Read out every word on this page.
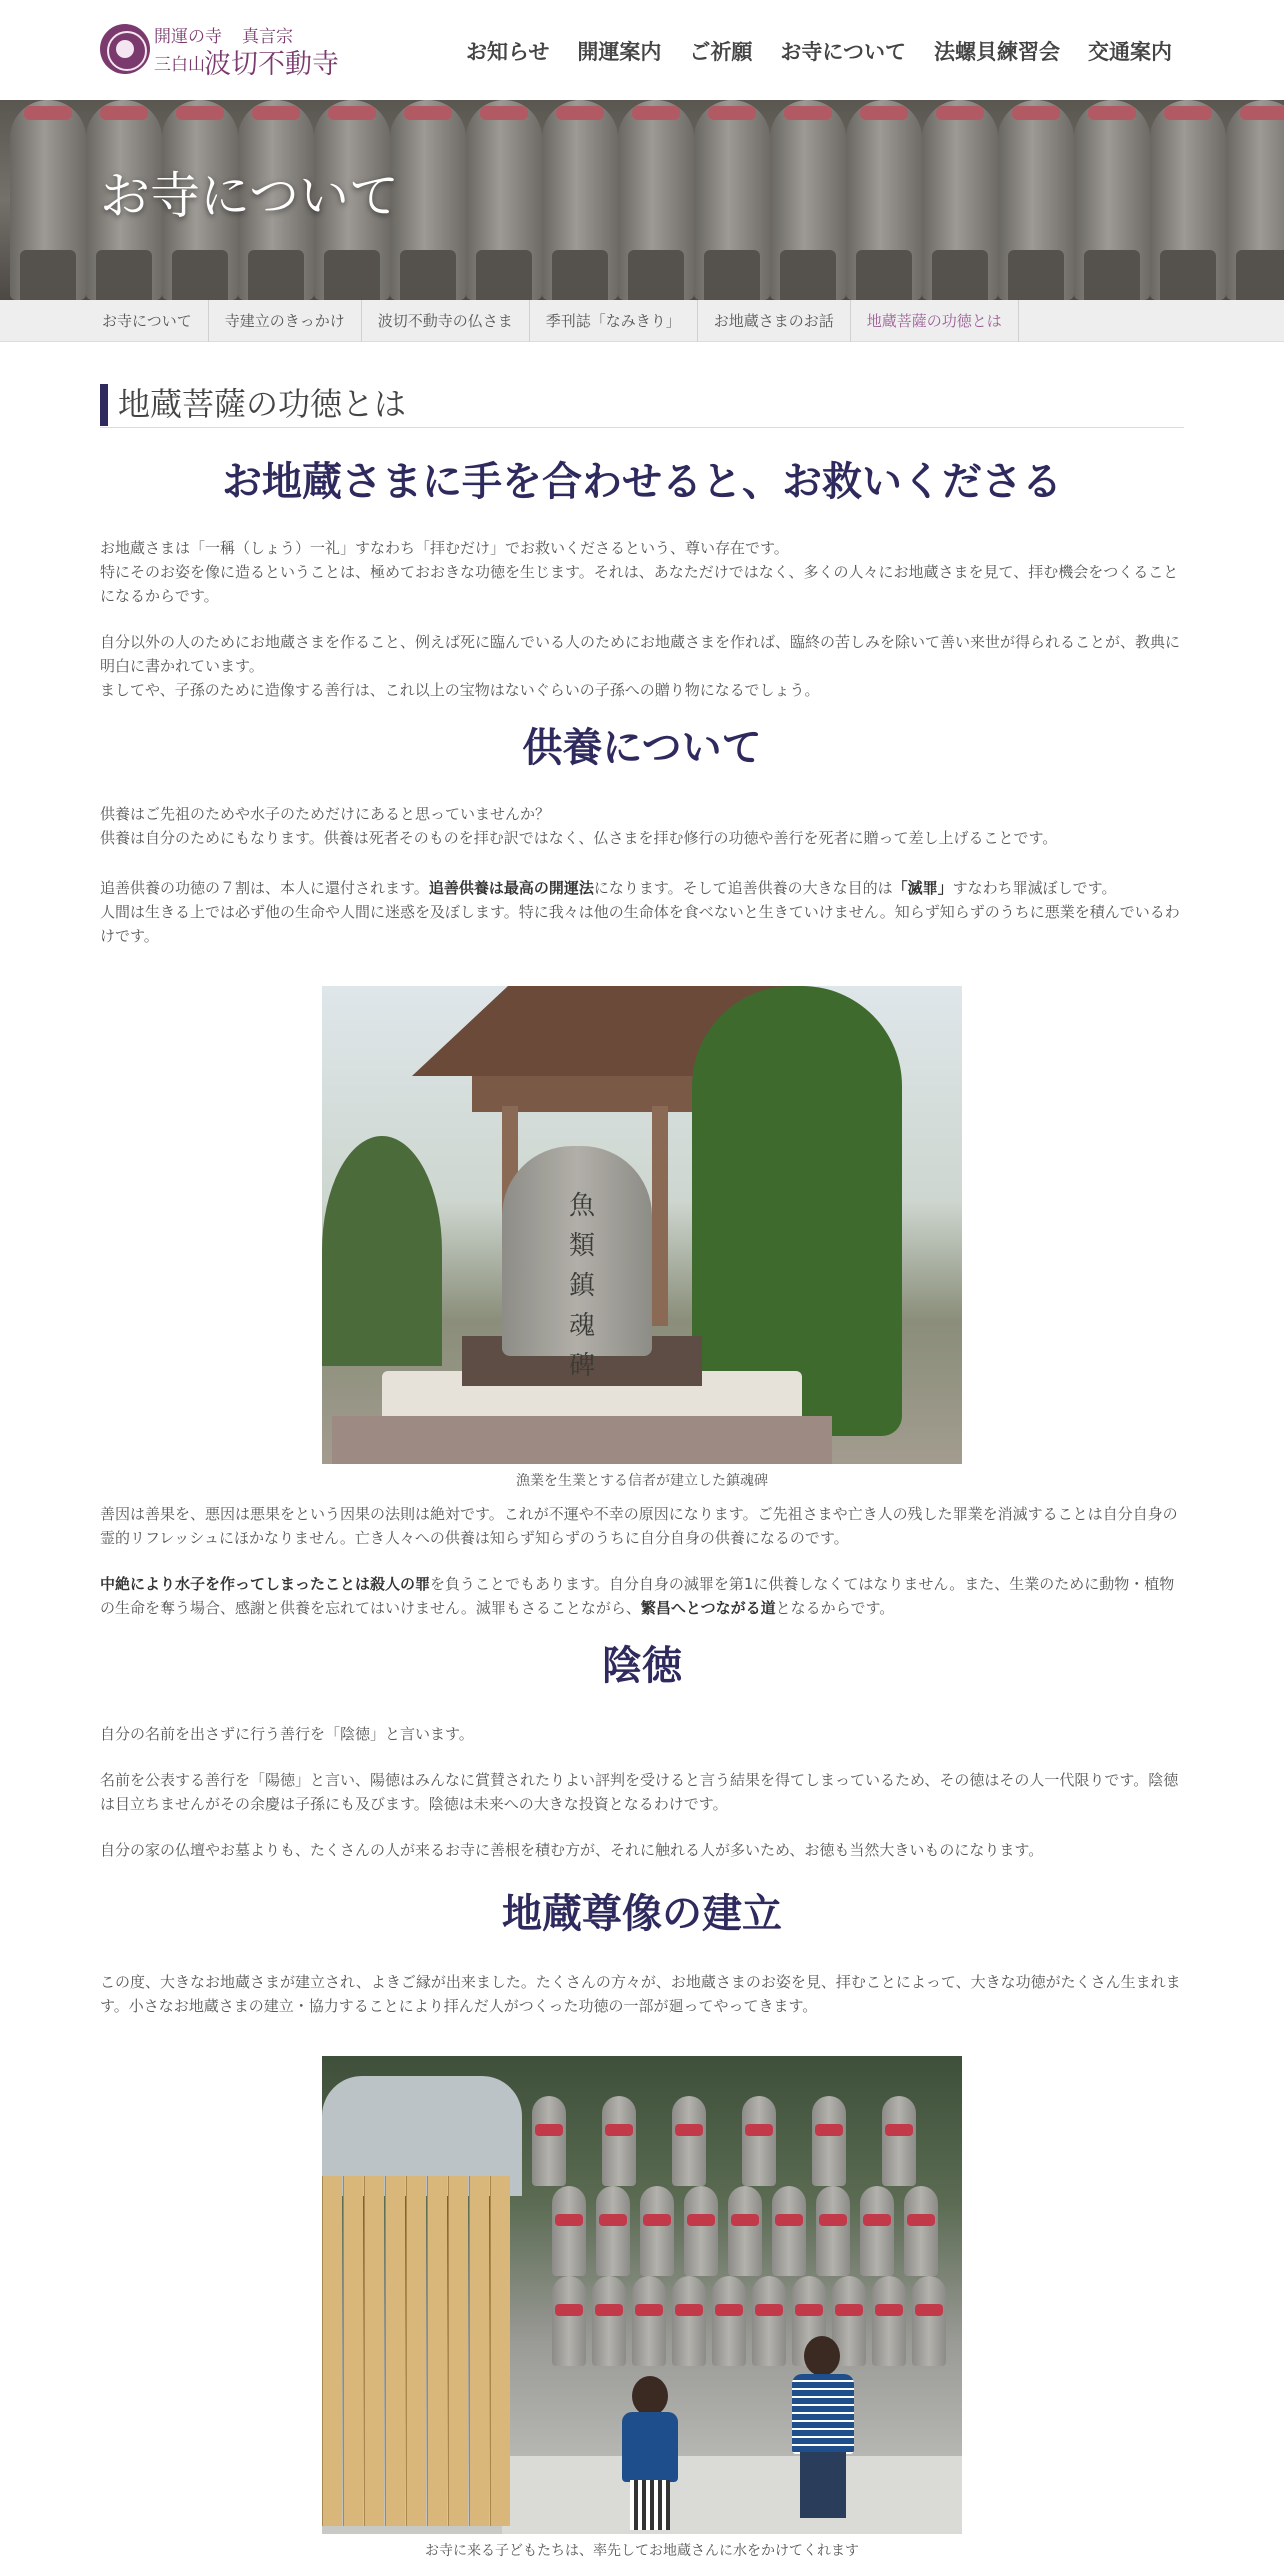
開運の寺 真言宗
三白山 波切不動寺	お知らせ 開運案内 ご祈願 お寺について 法螺貝練習会 交通案内
お寺について
お寺について	寺建立のきっかけ	波切不動寺の仏さま	季刊誌「なみきり」	お地蔵さまのお話	地蔵菩薩の功徳とは
地蔵菩薩の功徳とは
お地蔵さまに手を合わせると、お救いくださる
お地蔵さまは「一稱（しょう）一礼」すなわち「拝むだけ」でお救いくださるという、尊い存在です。
特にそのお姿を像に造るということは、極めておおきな功徳を生じます。それは、あなただけではなく、多くの人々にお地蔵さまを見て、拝む機会をつくることになるからです。
自分以外の人のためにお地蔵さまを作ること、例えば死に臨んでいる人のためにお地蔵さまを作れば、臨終の苦しみを除いて善い来世が得られることが、教典に明白に書かれています。
ましてや、子孫のために造像する善行は、これ以上の宝物はないぐらいの子孫への贈り物になるでしょう。
供養について
供養はご先祖のためや水子のためだけにあると思っていませんか？
供養は自分のためにもなります。供養は死者そのものを拝む訳ではなく、仏さまを拝む修行の功徳や善行を死者に贈って差し上げることです。
追善供養の功徳の７割は、本人に還付されます。追善供養は最高の開運法になります。そして追善供養の大きな目的は「滅罪」すなわち罪滅ぼしです。
人間は生きる上では必ず他の生命や人間に迷惑を及ぼします。特に我々は他の生命体を食べないと生きていけません。知らず知らずのうちに悪業を積んでいるわけです。
魚類鎮魂碑
漁業を生業とする信者が建立した鎮魂碑
善因は善果を、悪因は悪果をという因果の法則は絶対です。これが不運や不幸の原因になります。ご先祖さまや亡き人の残した罪業を消滅することは自分自身の霊的リフレッシュにほかなりません。亡き人々への供養は知らず知らずのうちに自分自身の供養になるのです。
中絶により水子を作ってしまったことは殺人の罪を負うことでもあります。自分自身の滅罪を第1に供養しなくてはなりません。また、生業のために動物・植物の生命を奪う場合、感謝と供養を忘れてはいけません。滅罪もさることながら、繁昌へとつながる道となるからです。
陰徳
自分の名前を出さずに行う善行を「陰徳」と言います。
名前を公表する善行を「陽徳」と言い、陽徳はみんなに賞賛されたりよい評判を受けると言う結果を得てしまっているため、その徳はその人一代限りです。陰徳は目立ちませんがその余慶は子孫にも及びます。陰徳は未来への大きな投資となるわけです。
自分の家の仏壇やお墓よりも、たくさんの人が来るお寺に善根を積む方が、それに触れる人が多いため、お徳も当然大きいものになります。
地蔵尊像の建立
この度、大きなお地蔵さまが建立され、よきご縁が出来ました。たくさんの方々が、お地蔵さまのお姿を見、拝むことによって、大きな功徳がたくさん生まれます。小さなお地蔵さまの建立・協力することにより拝んだ人がつくった功徳の一部が廻ってやってきます。
お寺に来る子どもたちは、率先してお地蔵さんに水をかけてくれます
